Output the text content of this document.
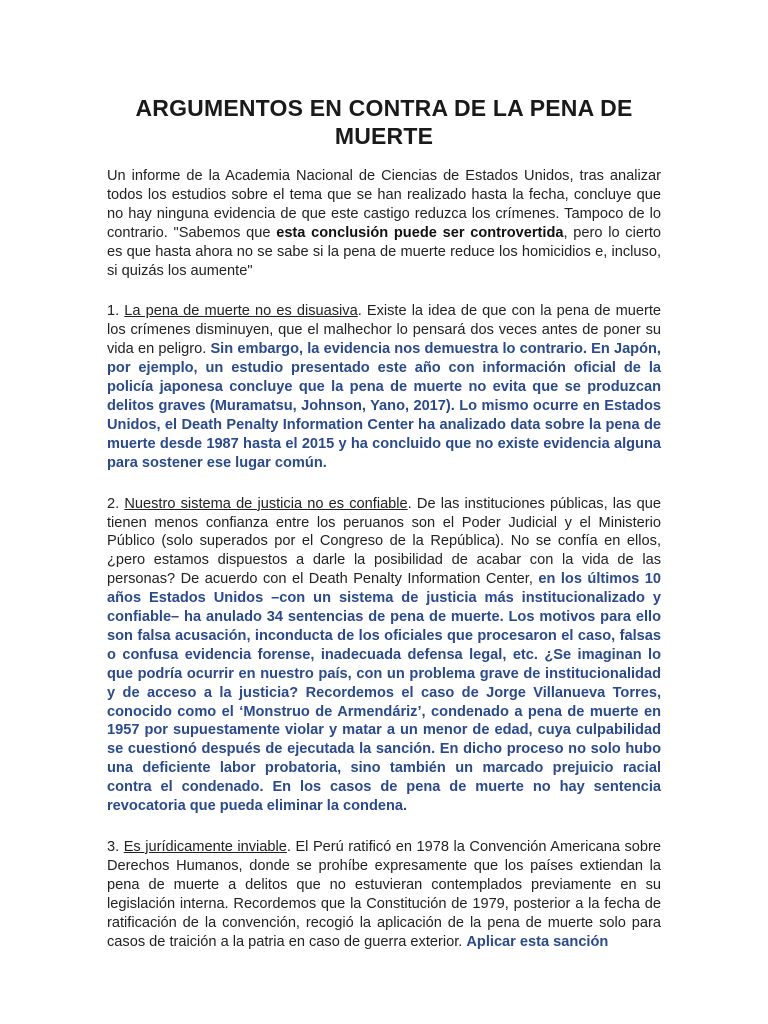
ARGUMENTOS EN CONTRA DE LA PENA DE MUERTE

Un informe de la Academia Nacional de Ciencias de Estados Unidos, tras analizar todos los estudios sobre el tema que se han realizado hasta la fecha, concluye que no hay ninguna evidencia de que este castigo reduzca los crímenes. Tampoco de lo contrario. "Sabemos que esta conclusión puede ser controvertida, pero lo cierto es que hasta ahora no se sabe si la pena de muerte reduce los homicidios e, incluso, si quizás los aumente"

1. La pena de muerte no es disuasiva. Existe la idea de que con la pena de muerte los crímenes disminuyen, que el malhechor lo pensará dos veces antes de poner su vida en peligro. Sin embargo, la evidencia nos demuestra lo contrario. En Japón, por ejemplo, un estudio presentado este año con información oficial de la policía japonesa concluye que la pena de muerte no evita que se produzcan delitos graves (Muramatsu, Johnson, Yano, 2017). Lo mismo ocurre en Estados Unidos, el Death Penalty Information Center ha analizado data sobre la pena de muerte desde 1987 hasta el 2015 y ha concluido que no existe evidencia alguna para sostener ese lugar común.

2. Nuestro sistema de justicia no es confiable. De las instituciones públicas, las que tienen menos confianza entre los peruanos son el Poder Judicial y el Ministerio Público (solo superados por el Congreso de la República). No se confía en ellos, ¿pero estamos dispuestos a darle la posibilidad de acabar con la vida de las personas? De acuerdo con el Death Penalty Information Center, en los últimos 10 años Estados Unidos –con un sistema de justicia más institucionalizado y confiable– ha anulado 34 sentencias de pena de muerte. Los motivos para ello son falsa acusación, inconducta de los oficiales que procesaron el caso, falsas o confusa evidencia forense, inadecuada defensa legal, etc. ¿Se imaginan lo que podría ocurrir en nuestro país, con un problema grave de institucionalidad y de acceso a la justicia? Recordemos el caso de Jorge Villanueva Torres, conocido como el ‘Monstruo de Armendáriz’, condenado a pena de muerte en 1957 por supuestamente violar y matar a un menor de edad, cuya culpabilidad se cuestionó después de ejecutada la sanción. En dicho proceso no solo hubo una deficiente labor probatoria, sino también un marcado prejuicio racial contra el condenado. En los casos de pena de muerte no hay sentencia revocatoria que pueda eliminar la condena.

3. Es jurídicamente inviable. El Perú ratificó en 1978 la Convención Americana sobre Derechos Humanos, donde se prohíbe expresamente que los países extiendan la pena de muerte a delitos que no estuvieran contemplados previamente en su legislación interna. Recordemos que la Constitución de 1979, posterior a la fecha de ratificación de la convención, recogió la aplicación de la pena de muerte solo para casos de traición a la patria en caso de guerra exterior. Aplicar esta sanción
